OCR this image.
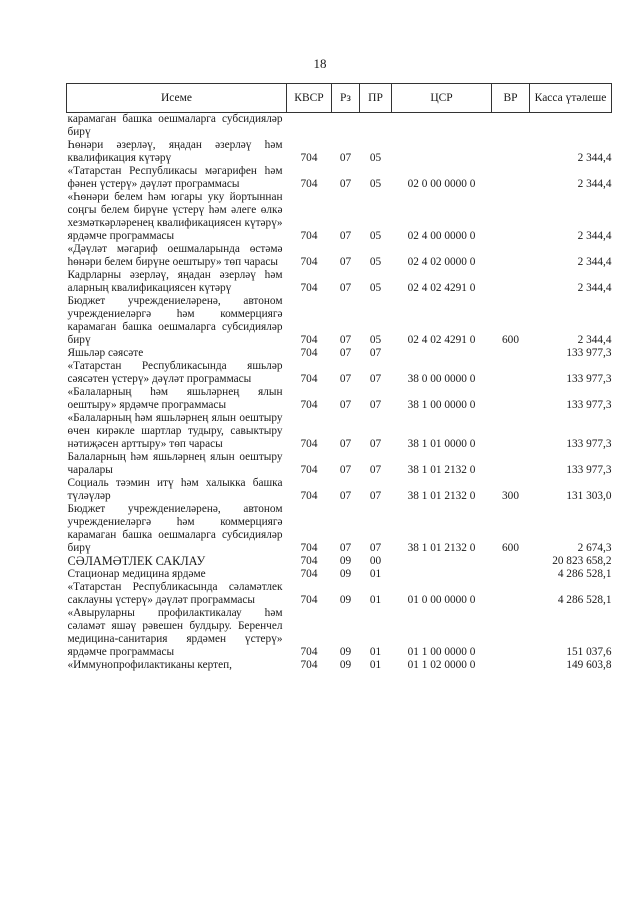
18
Исеме	КВСР	Рз	ПР	ЦСР	ВР	Касса үтәлеше
карамаган башка оешмаларга субсидияләр бирү						
Һөнәри әзерләү, яңадан әзерләү һәм квалификация күтәрү	704	07	05			2 344,4
«Татарстан Республикасы мәгарифен һәм фәнен үстерү» дәүләт программасы	704	07	05	02 0 00 0000 0		2 344,4
«Һөнәри белем һәм югары уку йортыннан соңгы белем бирүне үстерү һәм әлеге өлкә хезмәткәрләренең квалификациясен күтәрү» ярдәмче программасы	704	07	05	02 4 00 0000 0		2 344,4
«Дәүләт мәгариф оешмаларында өстәмә һөнәри белем бирүне оештыру» төп чарасы	704	07	05	02 4 02 0000 0		2 344,4
Кадрларны әзерләү, яңадан әзерләү һәм аларның квалификациясен күтәрү	704	07	05	02 4 02 4291 0		2 344,4
Бюджет учреждениеләренә, автоном учреждениеләргә һәм коммерциягә карамаган башка оешмаларга субсидияләр бирү	704	07	05	02 4 02 4291 0	600	2 344,4
Яшьләр сәясәте	704	07	07			133 977,3
«Татарстан Республикасында яшьләр сәясәтен үстерү» дәүләт программасы	704	07	07	38 0 00 0000 0		133 977,3
«Балаларның һәм яшьләрнең ялын оештыру» ярдәмче программасы	704	07	07	38 1 00 0000 0		133 977,3
«Балаларның һәм яшьләрнең ялын оештыру өчен кирәкле шартлар тудыру, савыктыру нәтиҗәсен арттыру» төп чарасы	704	07	07	38 1 01 0000 0		133 977,3
Балаларның һәм яшьләрнең ялын оештыру чаралары	704	07	07	38 1 01 2132 0		133 977,3
Социаль тәэмин итү һәм халыкка башка түләүләр	704	07	07	38 1 01 2132 0	300	131 303,0
Бюджет учреждениеләренә, автоном учреждениеләргә һәм коммерциягә карамаган башка оешмаларга субсидияләр бирү	704	07	07	38 1 01 2132 0	600	2 674,3
СӘЛАМӘТЛЕК САКЛАУ	704	09	00			20 823 658,2
Стационар медицина ярдәме	704	09	01			4 286 528,1
«Татарстан Республикасында сәламәтлек саклауны үстерү» дәүләт программасы	704	09	01	01 0 00 0000 0		4 286 528,1
«Авыруларны профилактикалау һәм сәламәт яшәү рәвешен булдыру. Беренчел медицина-санитария ярдәмен үстерү» ярдәмче программасы	704	09	01	01 1 00 0000 0		151 037,6
«Иммунопрофилактиканы кертеп,	704	09	01	01 1 02 0000 0		149 603,8
